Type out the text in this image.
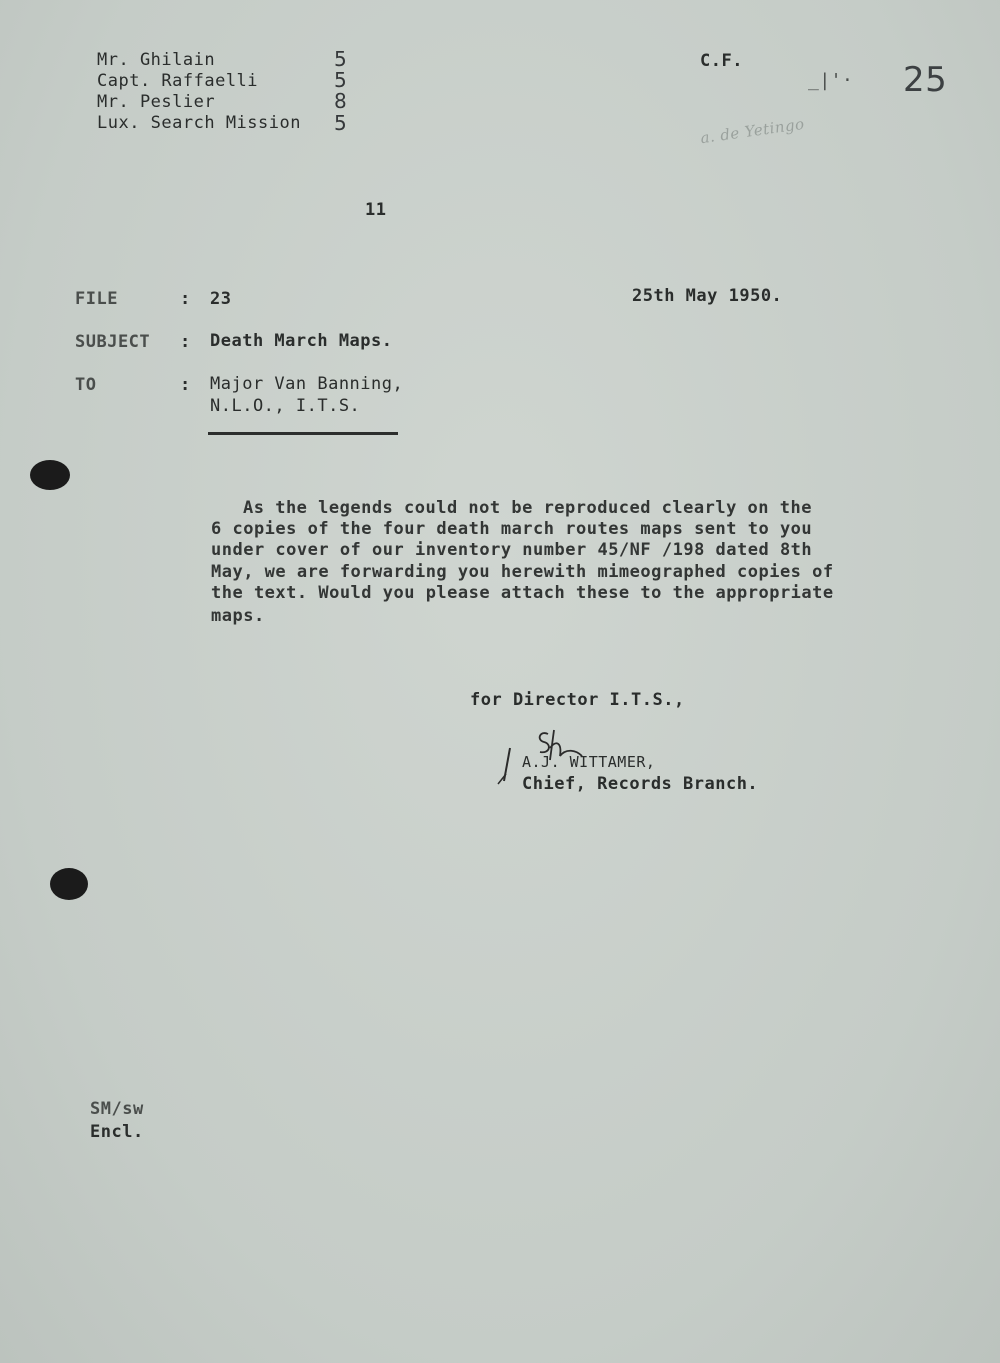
Mr. Ghilain	5
Capt. Raffaelli	5
Mr. Peslier	8
Lux. Search Mission 5
C.F.
_|'· 25
a. de Yetingo
11
FILE	: 23	25th May 1950.
SUBJECT : Death March Maps.
TO	: Major Van Banning,
N.L.O., I.T.S.
As the legends could not be reproduced clearly on the
6 copies of the four death march routes maps sent to you
under cover of our inventory number 45/NF /198 dated 8th
May, we are forwarding you herewith mimeographed copies of
the text. Would you please attach these to the appropriate
maps.
for Director I.T.S.,
A.J. WITTAMER,
Chief, Records Branch.
SM/sw
Encl.
